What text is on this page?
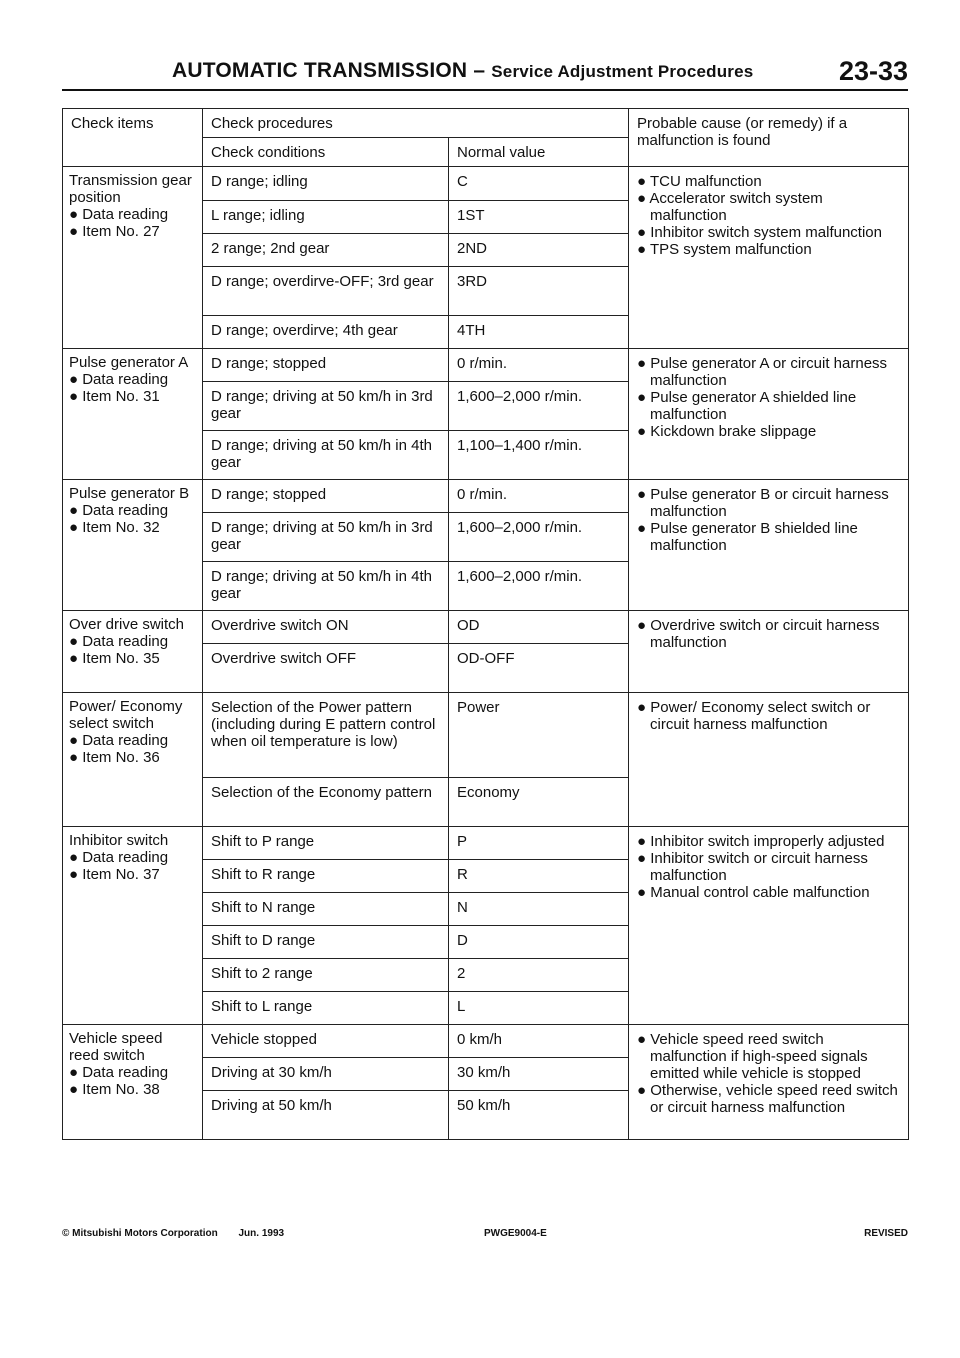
AUTOMATIC TRANSMISSION – Service Adjustment Procedures	23-33
Check items	Check procedures		Probable cause (or remedy) if a malfunction is found
	Check conditions	Normal value	

Transmission gear position
● Data reading
● Item No. 27	D range; idling	C	● TCU malfunction
● Accelerator switch system malfunction
● Inhibitor switch system malfunction
● TPS system malfunction

	L range; idling	1ST	
	2 range; 2nd gear	2ND	
	D range; overdirve-OFF; 3rd gear	3RD	
	D range; overdirve; 4th gear	4TH	

Pulse generator A
● Data reading
● Item No. 31	D range; stopped	0 r/min.	● Pulse generator A or circuit harness malfunction
● Pulse generator A shielded line malfunction
● Kickdown brake slippage

	D range; driving at 50 km/h in 3rd gear	1,600–2,000 r/min.	
	D range; driving at 50 km/h in 4th gear	1,100–1,400 r/min.	

Pulse generator B
● Data reading
● Item No. 32	D range; stopped	0 r/min.	● Pulse generator B or circuit harness malfunction
● Pulse generator B shielded line malfunction

	D range; driving at 50 km/h in 3rd gear	1,600–2,000 r/min.	
	D range; driving at 50 km/h in 4th gear	1,600–2,000 r/min.	

Over drive switch
● Data reading
● Item No. 35	Overdrive switch ON	OD	● Overdrive switch or circuit harness malfunction

	Overdrive switch OFF	OD-OFF	

Power/ Economy select switch
● Data reading
● Item No. 36	Selection of the Power pattern (including during E pattern control when oil temperature is low)	Power	● Power/ Economy select switch or circuit harness malfunction

	Selection of the Economy pattern	Economy	

Inhibitor switch
● Data reading
● Item No. 37	Shift to P range	P	● Inhibitor switch improperly adjusted
● Inhibitor switch or circuit harness malfunction
● Manual control cable malfunction

	Shift to R range	R	
	Shift to N range	N	
	Shift to D range	D	
	Shift to 2 range	2	
	Shift to L range	L	

Vehicle speed reed switch
● Data reading
● Item No. 38	Vehicle stopped	0 km/h	● Vehicle speed reed switch malfunction if high-speed signals emitted while vehicle is stopped
● Otherwise, vehicle speed reed switch or circuit harness malfunction

	Driving at 30 km/h	30 km/h	
	Driving at 50 km/h	50 km/h	
© Mitsubishi Motors Corporation Jun. 1993	PWGE9004-E	REVISED
